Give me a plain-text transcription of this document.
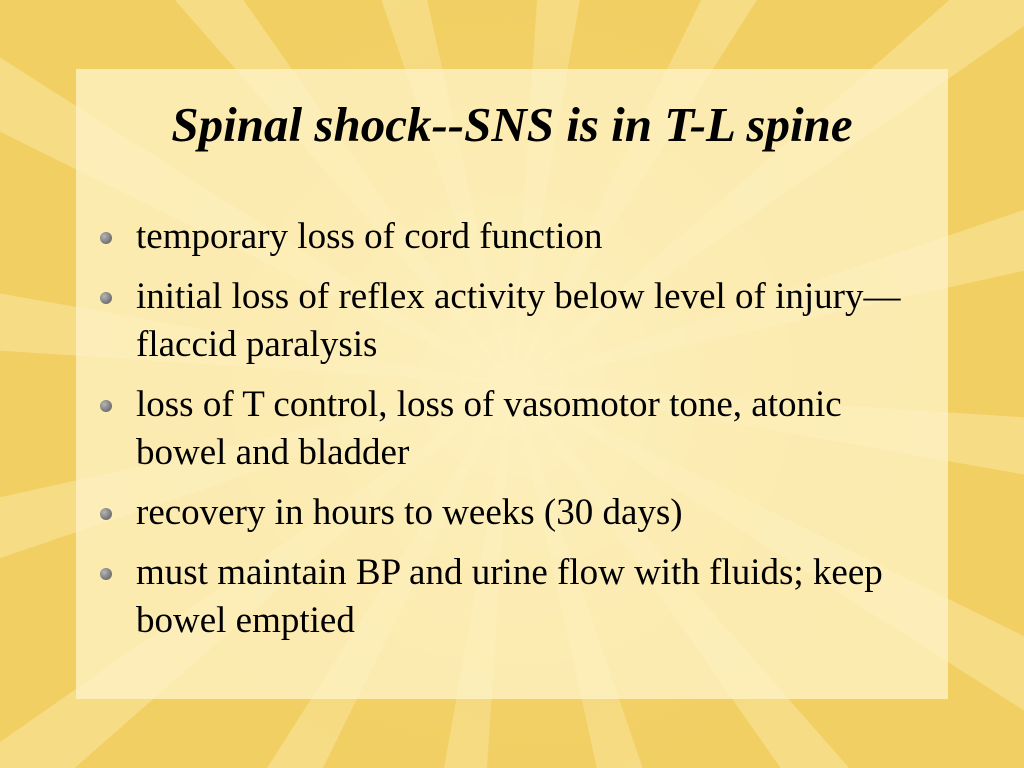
Spinal shock--SNS is in T-L spine
temporary loss of cord function
initial loss of reflex activity below level of injury—flaccid paralysis
loss of T control, loss of vasomotor tone, atonic bowel and bladder
recovery in hours to weeks (30 days)
must maintain BP and urine flow with fluids; keep bowel emptied
